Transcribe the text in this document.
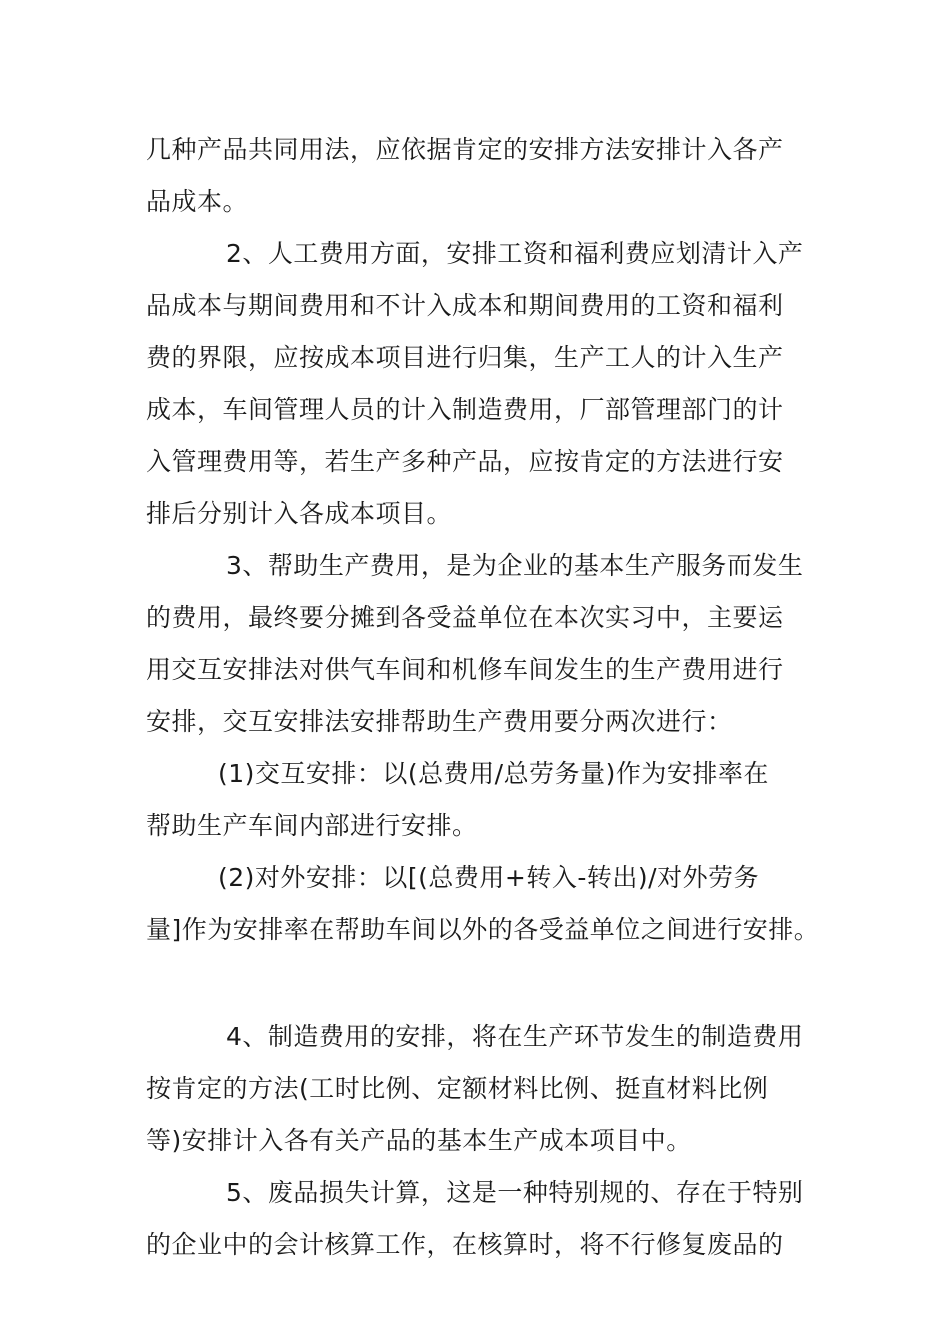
几种产品共同用法，应依据肯定的安排方法安排计入各产
品成本。
2、人工费用方面，安排工资和福利费应划清计入产
品成本与期间费用和不计入成本和期间费用的工资和福利
费的界限，应按成本项目进行归集，生产工人的计入生产
成本，车间管理人员的计入制造费用，厂部管理部门的计
入管理费用等，若生产多种产品，应按肯定的方法进行安
排后分别计入各成本项目。
3、帮助生产费用，是为企业的基本生产服务而发生
的费用，最终要分摊到各受益单位在本次实习中，主要运
用交互安排法对供气车间和机修车间发生的生产费用进行
安排，交互安排法安排帮助生产费用要分两次进行：
(1)交互安排：以(总费用/总劳务量)作为安排率在
帮助生产车间内部进行安排。
(2)对外安排：以[(总费用+转入-转出)/对外劳务
量]作为安排率在帮助车间以外的各受益单位之间进行安排。
4、制造费用的安排，将在生产环节发生的制造费用
按肯定的方法(工时比例、定额材料比例、挺直材料比例
等)安排计入各有关产品的基本生产成本项目中。
5、废品损失计算，这是一种特别规的、存在于特别
的企业中的会计核算工作，在核算时，将不行修复废品的
